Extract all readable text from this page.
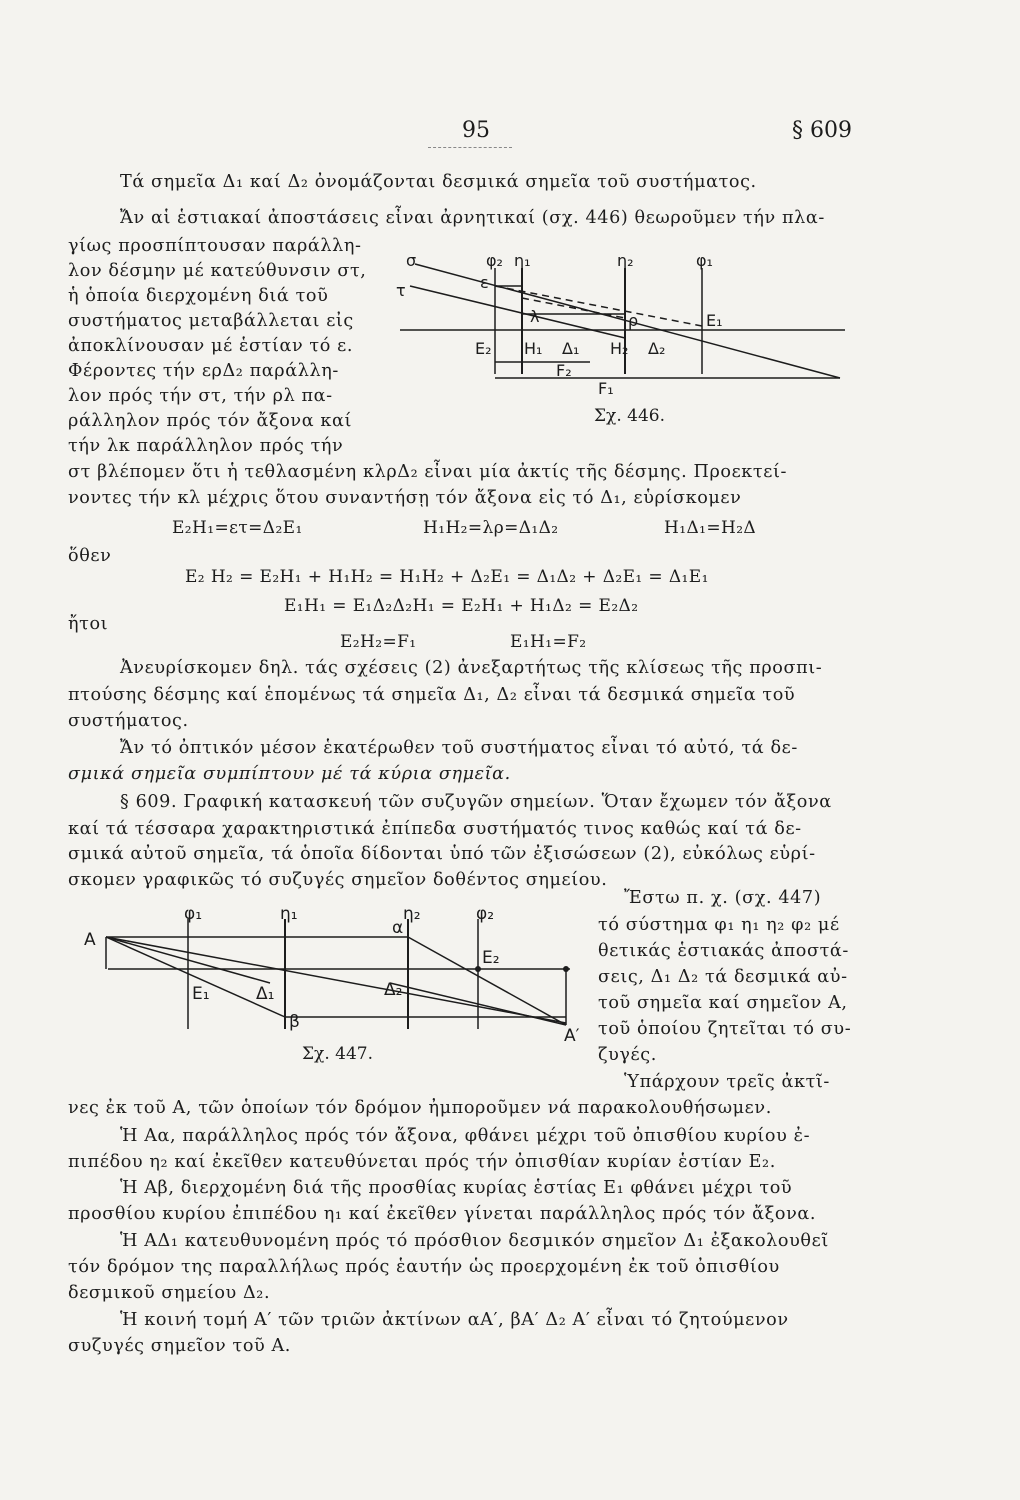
95	§ 609
Τά σημεῖα Δ₁ καί Δ₂ ὀνομάζονται δεσμικά σημεῖα τοῦ συστήματος.
Ἄν αἱ ἑστιακαί ἀποστάσεις εἶναι ἀρνητικαί (σχ. 446) θεωροῦμεν τήν πλα-
γίως προσπίπτουσαν παράλλη-
λον δέσμην μέ κατεύθυνσιν στ,
ἡ ὁποία διερχομένη διά τοῦ
συστήματος μεταβάλλεται εἰς
ἀποκλίνουσαν μέ ἑστίαν τό ε.
Φέροντες τήν ερΔ₂ παράλλη-
λον πρός τήν στ, τήν ρλ πα-
ράλληλον πρός τόν ἄξονα καί
τήν λκ παράλληλον πρός τήν
στ βλέπομεν ὅτι ἡ τεθλασμένη κλρΔ₂ εἶναι μία ἀκτίς τῆς δέσμης. Προεκτεί-
νοντες τήν κλ μέχρις ὅτου συναντήσῃ τόν ἄξονα εἰς τό Δ₁, εὑρίσκομεν
σ	φ₂ η₁	η₂	φ₁
τ	ε
λ	ρ	E₁
E₂ H₁ Δ₁ H₂ Δ₂
F₂
F₁
Σχ. 446.
E₂H₁=ετ=Δ₂E₁	H₁H₂=λρ=Δ₁Δ₂	H₁Δ₁=H₂Δ
ὅθεν
E₂ H₂ = E₂H₁ + H₁H₂ = H₁H₂ + Δ₂E₁ = Δ₁Δ₂ + Δ₂E₁ = Δ₁E₁
E₁H₁ = E₁Δ₂Δ₂H₁ = E₂H₁ + H₁Δ₂ = E₂Δ₂
ἤτοι
E₂H₂=F₁	E₁H₁=F₂
Ἀνευρίσκομεν δηλ. τάς σχέσεις (2) ἀνεξαρτήτως τῆς κλίσεως τῆς προσπι-
πτούσης δέσμης καί ἑπομένως τά σημεῖα Δ₁, Δ₂ εἶναι τά δεσμικά σημεῖα τοῦ
συστήματος.
Ἄν τό ὀπτικόν μέσον ἑκατέρωθεν τοῦ συστήματος εἶναι τό αὐτό, τά δε-
σμικά σημεῖα συμπίπτουν μέ τά κύρια σημεῖα.
§ 609. Γραφική κατασκευή τῶν συζυγῶν σημείων. Ὅταν ἔχωμεν τόν ἄξονα
καί τά τέσσαρα χαρακτηριστικά ἐπίπεδα συστήματός τινος καθώς καί τά δε-
σμικά αὐτοῦ σημεῖα, τά ὁποῖα δίδονται ὑπό τῶν ἐξισώσεων (2), εὐκόλως εὑρί-
σκομεν γραφικῶς τό συζυγές σημεῖον δοθέντος σημείου.
Ἔστω π. χ. (σχ. 447)
τό σύστημα φ₁ η₁ η₂ φ₂ μέ
θετικάς ἑστιακάς ἀποστά-
σεις, Δ₁ Δ₂ τά δεσμικά αὐ-
τοῦ σημεῖα καί σημεῖον Α,
τοῦ ὁποίου ζητεῖται τό συ-
ζυγές.
Ὑπάρχουν τρεῖς ἀκτῖ-
A
φ₁	η₁	η₂
α
φ₂
E₂
E₁	Δ₁	Δ₂
β
A′
Σχ. 447.
νες ἐκ τοῦ Α, τῶν ὁποίων τόν δρόμον ἠμποροῦμεν νά παρακολουθήσωμεν.
Ἡ Αα, παράλληλος πρός τόν ἄξονα, φθάνει μέχρι τοῦ ὀπισθίου κυρίου ἐ-
πιπέδου η₂ καί ἐκεῖθεν κατευθύνεται πρός τήν ὀπισθίαν κυρίαν ἑστίαν Ε₂.
Ἡ Αβ, διερχομένη διά τῆς προσθίας κυρίας ἑστίας Ε₁ φθάνει μέχρι τοῦ
προσθίου κυρίου ἐπιπέδου η₁ καί ἐκεῖθεν γίνεται παράλληλος πρός τόν ἄξονα.
Ἡ ΑΔ₁ κατευθυνομένη πρός τό πρόσθιον δεσμικόν σημεῖον Δ₁ ἐξακολουθεῖ
τόν δρόμον της παραλλήλως πρός ἑαυτήν ὡς προερχομένη ἐκ τοῦ ὀπισθίου
δεσμικοῦ σημείου Δ₂.
Ἡ κοινή τομή Α′ τῶν τριῶν ἀκτίνων αΑ′, βΑ′ Δ₂ Α′ εἶναι τό ζητούμενον
συζυγές σημεῖον τοῦ Α.
